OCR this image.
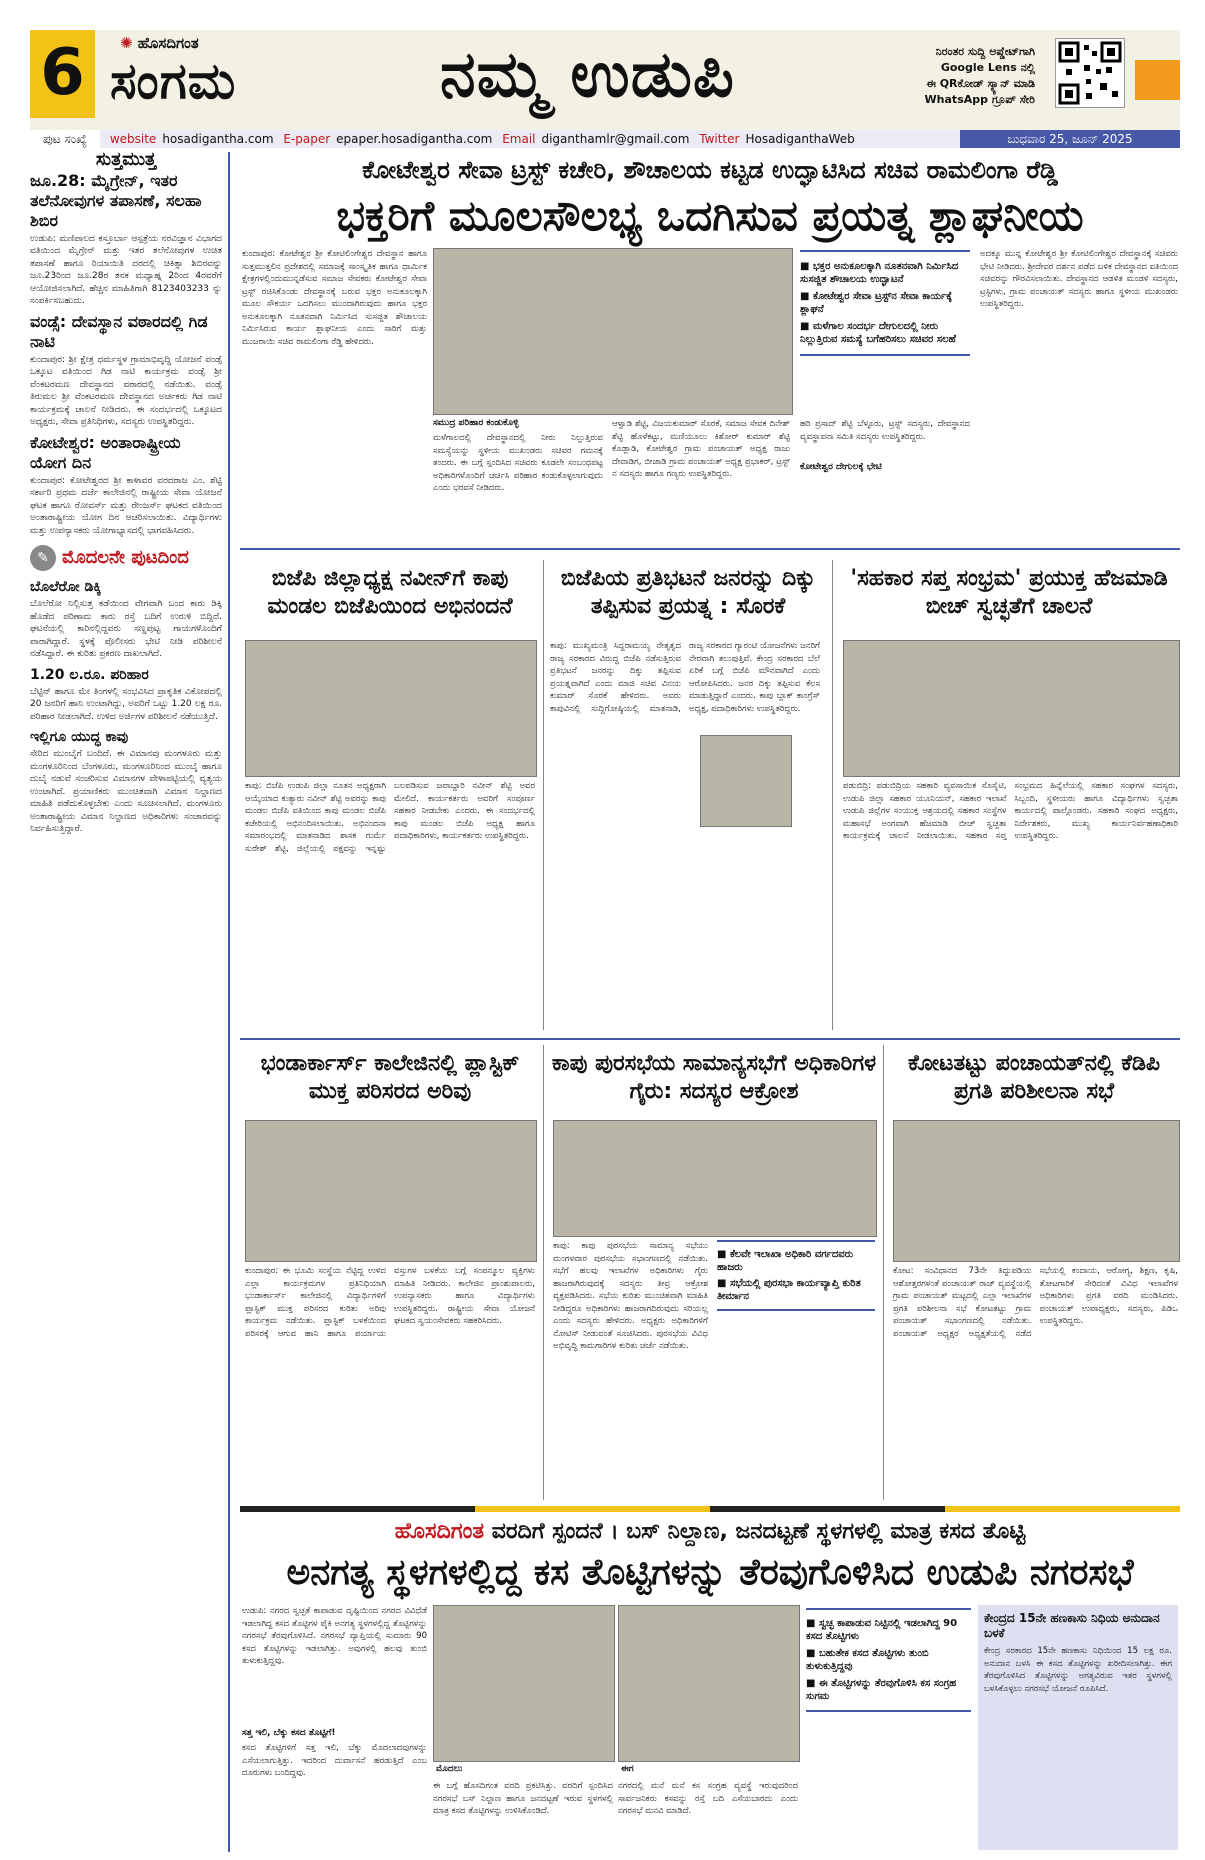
6	✺ ಹೊಸದಿಗಂತ
ಸಂಗಮ	ನಮ್ಮ ಉಡುಪಿ	ನಿರಂತರ ಸುದ್ದಿ ಅಪ್ಡೇಟ್‌ಗಾಗಿ
Google Lens ನಲ್ಲಿ
ಈ QRಕೋಡ್ ಸ್ಕ್ಯಾನ್ ಮಾಡಿ
WhatsApp ಗ್ರೂಪ್ ಸೇರಿ
ಪುಟ ಸಂಖ್ಯೆ website hosadigantha.com E-paper epaper.hosadigantha.com Email diganthamlr@gmail.com Twitter HosadiganthaWeb	ಬುಧವಾರ 25, ಜೂನ್ 2025
ಸುತ್ತಮುತ್ತ
ಜೂ.28: ಮೈಗ್ರೇನ್, ಇತರ ತಲೆನೋವುಗಳ ತಪಾಸಣೆ, ಸಲಹಾ ಶಿಬಿರ
ಉಡುಪಿ: ಮಣಿಪಾಲದ ಕಸ್ತೂರ್ಬಾ ಆಸ್ಪತ್ರೆಯ ನರವಿಜ್ಞಾನ ವಿಭಾಗದ ವತಿಯಿಂದ ಮೈಗ್ರೇನ್ ಮತ್ತು ಇತರ ತಲೆನೋವುಗಳ ಉಚಿತ ತಪಾಸಣೆ ಹಾಗೂ ರಿಯಾಯಿತಿ ದರದಲ್ಲಿ ಚಿಕಿತ್ಸಾ ಶಿಬಿರವನ್ನು ಜೂ.23ರಿಂದ ಜೂ.28ರ ತನಕ ಮಧ್ಯಾಹ್ನ 2ರಿಂದ 4ರವರೆಗೆ ಆಯೋಜಿಸಲಾಗಿದೆ. ಹೆಚ್ಚಿನ ಮಾಹಿತಿಗಾಗಿ 8123403233 ನ್ನು ಸಂಪರ್ಕಿಸಬಹುದು.
ವಂಡ್ಸೆ: ದೇವಸ್ಥಾನ ವಠಾರದಲ್ಲಿ ಗಿಡ ನಾಟಿ
ಕುಂದಾಪುರ: ಶ್ರೀ ಕ್ಷೇತ್ರ ಧರ್ಮಸ್ಥಳ ಗ್ರಾಮಾಭಿವೃದ್ಧಿ ಯೋಜನೆ ವಂಡ್ಸೆ ಒಕ್ಕೂಟ ವತಿಯಿಂದ ಗಿಡ ನಾಟಿ ಕಾರ್ಯಕ್ರಮ ವಂಡ್ಸೆ ಶ್ರೀ ವೆಂಕಟರಮಣ ದೇವಸ್ಥಾನದ ವಠಾರದಲ್ಲಿ ನಡೆಯಿತು. ವಂಡ್ಸೆ ತಿರುಮಲ ಶ್ರೀ ವೆಂಕಟರಮಣ ದೇವಸ್ಥಾನದ ಅರ್ಚಕರು ಗಿಡ ನಾಟಿ ಕಾರ್ಯಕ್ರಮಕ್ಕೆ ಚಾಲನೆ ನೀಡಿದರು. ಈ ಸಂದರ್ಭದಲ್ಲಿ ಒಕ್ಕೂಟದ ಅಧ್ಯಕ್ಷರು, ಸೇವಾ ಪ್ರತಿನಿಧಿಗಳು, ಸದಸ್ಯರು ಉಪಸ್ಥಿತರಿದ್ದರು.
ಕೋಟೇಶ್ವರ: ಅಂತಾರಾಷ್ಟ್ರೀಯ ಯೋಗ ದಿನ
ಕುಂದಾಪುರ: ಕೋಟೇಶ್ವರದ ಶ್ರೀ ಕಾಳಾವರ ವರದರಾಜ ಎಂ. ಶೆಟ್ಟಿ ಸರ್ಕಾರಿ ಪ್ರಥಮ ದರ್ಜೆ ಕಾಲೇಜಿನಲ್ಲಿ ರಾಷ್ಟ್ರೀಯ ಸೇವಾ ಯೋಜನೆ ಘಟಕ ಹಾಗೂ ರೋವರ್ಸ್ ಮತ್ತು ರೇಂಜರ್ಸ್ ಘಟಕದ ವತಿಯಿಂದ ಅಂತಾರಾಷ್ಟ್ರೀಯ ಯೋಗ ದಿನ ಆಚರಿಸಲಾಯಿತು. ವಿದ್ಯಾರ್ಥಿಗಳು ಮತ್ತು ಉಪನ್ಯಾಸಕರು ಯೋಗಾಭ್ಯಾಸದಲ್ಲಿ ಭಾಗವಹಿಸಿದರು.
✎ ಮೊದಲನೇ ಪುಟದಿಂದ
ಬೊಲೆರೋ ಡಿಕ್ಕಿ
ಬೊಲೆರೋ ನಿಲ್ಲಿಸುತ್ತ ಕಡೆಯಿಂದ ವೇಗವಾಗಿ ಬಂದ ಕಾರು ಡಿಕ್ಕಿ ಹೊಡೆದ ಪರಿಣಾಮ ಕಾರು ರಸ್ತೆ ಬದಿಗೆ ಉರುಳಿ ಬಿದ್ದಿದೆ. ಘಟನೆಯಲ್ಲಿ ಕಾರಿನಲ್ಲಿದ್ದವರು ಸಣ್ಣಪುಟ್ಟ ಗಾಯಗಳೊಂದಿಗೆ ಪಾರಾಗಿದ್ದಾರೆ. ಸ್ಥಳಕ್ಕೆ ಪೊಲೀಸರು ಭೇಟಿ ನೀಡಿ ಪರಿಶೀಲನೆ ನಡೆಸಿದ್ದಾರೆ. ಈ ಕುರಿತು ಪ್ರಕರಣ ದಾಖಲಾಗಿದೆ.
1.20 ಲ.ರೂ. ಪರಿಹಾರ
ಬೆಟ್ಟಿನ್ ಹಾಗೂ ಮೇ ತಿಂಗಳಲ್ಲಿ ಸಂಭವಿಸಿದ ಪ್ರಾಕೃತಿಕ ವಿಕೋಪದಲ್ಲಿ 20 ಜನರಿಗೆ ಹಾನಿ ಉಂಟಾಗಿದ್ದು, ಅವರಿಗೆ ಒಟ್ಟು 1.20 ಲಕ್ಷ ರೂ. ಪರಿಹಾರ ನೀಡಲಾಗಿದೆ. ಉಳಿದ ಅರ್ಜಿಗಳ ಪರಿಶೀಲನೆ ನಡೆಯುತ್ತಿದೆ.
ಇಲ್ಲಿಗೂ ಯುದ್ಧ ಕಾವು
ಸೇರಿದ ಮುಂಬೈಗೆ ಬಂದಿದೆ. ಈ ವಿಮಾನವು ಮಂಗಳೂರು ಮತ್ತು ಮಂಗಳೂರಿನಿಂದ ಬೆಂಗಳೂರು, ಮಂಗಳೂರಿನಿಂದ ಮುಂಬೈ ಹಾಗೂ ದುಬೈ ನಡುವೆ ಸಂಚರಿಸುವ ವಿಮಾನಗಳ ವೇಳಾಪಟ್ಟಿಯಲ್ಲಿ ವ್ಯತ್ಯಯ ಉಂಟಾಗಿದೆ. ಪ್ರಯಾಣಿಕರು ಮುಂಚಿತವಾಗಿ ವಿಮಾನ ನಿಲ್ದಾಣದ ಮಾಹಿತಿ ಪಡೆದುಕೊಳ್ಳಬೇಕು ಎಂದು ಸೂಚಿಸಲಾಗಿದೆ. ಮಂಗಳೂರು ಅಂತಾರಾಷ್ಟ್ರೀಯ ವಿಮಾನ ನಿಲ್ದಾಣದ ಅಧಿಕಾರಿಗಳು ಸಂಚಾರವನ್ನು ನಿರ್ವಹಿಸುತ್ತಿದ್ದಾರೆ.
ಕೋಟೇಶ್ವರ ಸೇವಾ ಟ್ರಸ್ಟ್ ಕಚೇರಿ, ಶೌಚಾಲಯ ಕಟ್ಟಡ ಉದ್ಘಾಟಿಸಿದ ಸಚಿವ ರಾಮಲಿಂಗಾ ರೆಡ್ಡಿ
ಭಕ್ತರಿಗೆ ಮೂಲಸೌಲಭ್ಯ ಒದಗಿಸುವ ಪ್ರಯತ್ನ ಶ್ಲಾಘನೀಯ
ಕುಂದಾಪುರ: ಕೋಟೇಶ್ವರ ಶ್ರೀ ಕೋಟಿಲಿಂಗೇಶ್ವರ ದೇವಸ್ಥಾನ ಹಾಗೂ ಸುತ್ತಮುತ್ತಲಿನ ಪ್ರದೇಶದಲ್ಲಿ ಸಮಾಜಕ್ಕೆ ಸಾಂಸ್ಕೃತಿಕ ಹಾಗೂ ಧಾರ್ಮಿಕ ಕ್ಷೇತ್ರಗಳಲ್ಲಿಂದುಮುನ್ನಡೆಸುವ ಸಮಾಜ ಸೇವಕರು ಕೋಟೇಶ್ವರ ಸೇವಾ ಟ್ರಸ್ಟ್ ರಚಿಸಿಕೊಂಡು ದೇವಸ್ಥಾನಕ್ಕೆ ಬರುವ ಭಕ್ತರ ಅನುಕೂಲಕ್ಕಾಗಿ ಮೂಲ ಸೌಕರ್ಯ ಒದಗಿಸಲು ಮುಂದಾಗಿರುವುದು ಹಾಗೂ ಭಕ್ತರ ಅನುಕೂಲಕ್ಕಾಗಿ ನೂತನವಾಗಿ ನಿರ್ಮಿಸಿದ ಸುಸಜ್ಜಿತ ಶೌಚಾಲಯ ನಿರ್ಮಿಸಿರುವ ಕಾರ್ಯ ಶ್ಲಾಘನೀಯ ಎಂದು ಸಾರಿಗೆ ಮತ್ತು ಮುಜರಾಯಿ ಸಚಿವ ರಾಮಲಿಂಗಾ ರೆಡ್ಡಿ ಹೇಳಿದರು.
ಸಮುದ್ರ ಪರಿಹಾರ ಕಂಡುಕೊಳ್ಳಿ
ಮಳೆಗಾಲದಲ್ಲಿ ದೇವಸ್ಥಾನದಲ್ಲಿ ನೀರು ನಿಲ್ಲುತ್ತಿರುವ ಸಮಸ್ಯೆಯನ್ನು ಸ್ಥಳೀಯ ಮುಖಂಡರು ಸಚಿವರ ಗಮನಕ್ಕೆ ತಂದರು. ಈ ಬಗ್ಗೆ ಸ್ಪಂದಿಸಿದ ಸಚಿವರು ಕೂಡಲೇ ಸಂಬಂಧಪಟ್ಟ ಅಧಿಕಾರಿಗಳೊಂದಿಗೆ ಚರ್ಚಿಸಿ ಪರಿಹಾರ ಕಂಡುಕೊಳ್ಳಲಾಗುವುದು ಎಂದು ಭರವಸೆ ನೀಡಿದರು.
ಆಳ್ವಾಡಿ ಶೆಟ್ಟಿ, ವಿಜಯಕುಮಾರ್ ಸೊರಕೆ, ಸಮಾಜ ಸೇವಕ ದಿನೇಶ್ ಶೆಟ್ಟಿ ಹೊಳೆಕಟ್ಟು, ಮಣಿಯೂಲು ಕಿಶೋರ್ ಕುಮಾರ್ ಶೆಟ್ಟಿ ಕೊಡ್ಲಾಡಿ, ಕೋಟೇಶ್ವರ ಗ್ರಾಮ ಪಂಚಾಯತ್ ಅಧ್ಯಕ್ಷ ರಾಜು ದೇವಾಡಿಗ, ಬೀಜಾಡಿ ಗ್ರಾಮ ಪಂಚಾಯತ್ ಅಧ್ಯಕ್ಷ ಪ್ರಭಾಕರ್, ಟ್ರಸ್ಟ್ ನ ಸದಸ್ಯರು ಹಾಗೂ ಗಣ್ಯರು ಉಪಸ್ಥಿತರಿದ್ದರು.
■ ಭಕ್ತರ ಅನುಕೂಲಕ್ಕಾಗಿ ನೂತನವಾಗಿ ನಿರ್ಮಿಸಿದ ಸುಸಜ್ಜಿತ ಶೌಚಾಲಯ ಉದ್ಘಾಟನೆ
■ ಕೋಟೇಶ್ವರ ಸೇವಾ ಟ್ರಸ್ಟ್‌ನ ಸೇವಾ ಕಾರ್ಯಕ್ಕೆ ಶ್ಲಾಘನೆ
■ ಮಳೆಗಾಲ ಸಂದರ್ಭ ದೇಗುಲದಲ್ಲಿ ನೀರು ನಿಲ್ಲುತ್ತಿರುವ ಸಮಸ್ಯೆ ಬಗೆಹರಿಸಲು ಸಚಿವರ ಸಲಹೆ
ಹರಿ ಪ್ರಸಾದ್ ಶೆಟ್ಟಿ ಬೆಳ್ಳೂರು, ಟ್ರಸ್ಟ್ ಸದಸ್ಯರು, ದೇವಸ್ಥಾನದ ವ್ಯವಸ್ಥಾಪನಾ ಸಮಿತಿ ಸದಸ್ಯರು ಉಪಸ್ಥಿತರಿದ್ದರು.
ಕೋಟೇಶ್ವರ ದೇಗುಲಕ್ಕೆ ಭೇಟಿ
ಅದಕ್ಕೂ ಮುನ್ನ ಕೋಟೇಶ್ವರ ಶ್ರೀ ಕೋಟಿಲಿಂಗೇಶ್ವರ ದೇವಸ್ಥಾನಕ್ಕೆ ಸಚಿವರು ಭೇಟಿ ನೀಡಿದರು. ಶ್ರೀದೇವರ ದರ್ಶನ ಪಡೆದ ಬಳಿಕ ದೇವಸ್ಥಾನದ ವತಿಯಿಂದ ಸಚಿವರನ್ನು ಗೌರವಿಸಲಾಯಿತು. ದೇವಸ್ಥಾನದ ಆಡಳಿತ ಮಂಡಳಿ ಸದಸ್ಯರು, ಟ್ರಸ್ಟಿಗಳು, ಗ್ರಾಮ ಪಂಚಾಯತ್ ಸದಸ್ಯರು ಹಾಗೂ ಸ್ಥಳೀಯ ಮುಖಂಡರು ಉಪಸ್ಥಿತರಿದ್ದರು.
ಬಿಜೆಪಿ ಜಿಲ್ಲಾಧ್ಯಕ್ಷ ನವೀನ್‌ಗೆ ಕಾಪು ಮಂಡಲ ಬಿಜೆಪಿಯಿಂದ ಅಭಿನಂದನೆ
ಕಾಪು: ಬಿಜೆಪಿ ಉಡುಪಿ ಜಿಲ್ಲಾ ನೂತನ ಅಧ್ಯಕ್ಷರಾಗಿ ಆಯ್ಕೆಯಾದ ಕುತ್ಯಾರು ನವೀನ್ ಶೆಟ್ಟಿ ಅವರನ್ನು ಕಾಪು ಮಂಡಲ ಬಿಜೆಪಿ ವತಿಯಿಂದ ಕಾಪು ಮಂಡಲ ಬಿಜೆಪಿ ಕಚೇರಿಯಲ್ಲಿ ಅಭಿನಂದಿಸಲಾಯಿತು. ಅಭಿನಂದನಾ ಸಮಾರಂಭದಲ್ಲಿ ಮಾತನಾಡಿದ ಶಾಸಕ ಗುರ್ಮೆ ಸುರೇಶ್ ಶೆಟ್ಟಿ, ಜಿಲ್ಲೆಯಲ್ಲಿ ಪಕ್ಷವನ್ನು ಇನ್ನಷ್ಟು ಬಲಪಡಿಸುವ ಜವಾಬ್ದಾರಿ ನವೀನ್ ಶೆಟ್ಟಿ ಅವರ ಮೇಲಿದೆ. ಕಾರ್ಯಕರ್ತರು ಅವರಿಗೆ ಸಂಪೂರ್ಣ ಸಹಕಾರ ನೀಡಬೇಕು ಎಂದರು. ಈ ಸಂದರ್ಭದಲ್ಲಿ ಕಾಪು ಮಂಡಲ ಬಿಜೆಪಿ ಅಧ್ಯಕ್ಷ ಹಾಗೂ ಪದಾಧಿಕಾರಿಗಳು, ಕಾರ್ಯಕರ್ತರು ಉಪಸ್ಥಿತರಿದ್ದರು.
ಬಿಜೆಪಿಯ ಪ್ರತಿಭಟನೆ ಜನರನ್ನು ದಿಕ್ಕು ತಪ್ಪಿಸುವ ಪ್ರಯತ್ನ : ಸೊರಕೆ
ಕಾಪು: ಮುಖ್ಯಮಂತ್ರಿ ಸಿದ್ದರಾಮಯ್ಯ ನೇತೃತ್ವದ ರಾಜ್ಯ ಸರಕಾರದ ವಿರುದ್ಧ ಬಿಜೆಪಿ ನಡೆಸುತ್ತಿರುವ ಪ್ರತಿಭಟನೆ ಜನರನ್ನು ದಿಕ್ಕು ತಪ್ಪಿಸುವ ಪ್ರಯತ್ನವಾಗಿದೆ ಎಂದು ಮಾಜಿ ಸಚಿವ ವಿನಯ ಕುಮಾರ್ ಸೊರಕೆ ಹೇಳಿದರು. ಅವರು ಕಾಪುವಿನಲ್ಲಿ ಸುದ್ದಿಗೋಷ್ಠಿಯಲ್ಲಿ ಮಾತನಾಡಿ, ರಾಜ್ಯ ಸರಕಾರದ ಗ್ಯಾರಂಟಿ ಯೋಜನೆಗಳು ಜನರಿಗೆ ನೇರವಾಗಿ ತಲುಪುತ್ತಿವೆ. ಕೇಂದ್ರ ಸರಕಾರದ ಬೆಲೆ ಏರಿಕೆ ಬಗ್ಗೆ ಬಿಜೆಪಿ ಮೌನವಾಗಿದೆ ಎಂದು ಆರೋಪಿಸಿದರು. ಜನರ ದಿಕ್ಕು ತಪ್ಪಿಸುವ ಕೆಲಸ ಮಾಡುತ್ತಿದ್ದಾರೆ ಎಂದರು. ಕಾಪು ಬ್ಲಾಕ್ ಕಾಂಗ್ರೆಸ್ ಅಧ್ಯಕ್ಷ, ಪದಾಧಿಕಾರಿಗಳು ಉಪಸ್ಥಿತರಿದ್ದರು.
'ಸಹಕಾರ ಸಪ್ತ ಸಂಭ್ರಮ' ಪ್ರಯುಕ್ತ ಹೆಜಮಾಡಿ ಬೀಚ್ ಸ್ವಚ್ಛತೆಗೆ ಚಾಲನೆ
ಪಡುಬಿದ್ರಿ: ಪಡುಬಿದ್ರಿಯ ಸಹಕಾರಿ ವ್ಯವಸಾಯಿಕ ಸೊಸೈಟಿ, ಉಡುಪಿ ಜಿಲ್ಲಾ ಸಹಕಾರ ಯೂನಿಯನ್, ಸಹಕಾರ ಇಲಾಖೆ ಉಡುಪಿ ಜಿಲ್ಲೆಗಳ ಸಂಯುಕ್ತ ಆಶ್ರಯದಲ್ಲಿ ಸಹಕಾರ ಸಂಸ್ಥೆಗಳ ಮಹಾಸಭೆ ಅಂಗವಾಗಿ ಹೆಜಮಾಡಿ ಬೀಚ್ ಸ್ವಚ್ಛತಾ ಕಾರ್ಯಕ್ರಮಕ್ಕೆ ಚಾಲನೆ ನೀಡಲಾಯಿತು. ಸಹಕಾರ ಸಪ್ತ ಸಂಭ್ರಮದ ಹಿನ್ನೆಲೆಯಲ್ಲಿ ಸಹಕಾರ ಸಂಘಗಳ ಸದಸ್ಯರು, ಸಿಬ್ಬಂದಿ, ಸ್ಥಳೀಯರು ಹಾಗೂ ವಿದ್ಯಾರ್ಥಿಗಳು ಸ್ವಚ್ಛತಾ ಕಾರ್ಯದಲ್ಲಿ ಪಾಲ್ಗೊಂಡರು. ಸಹಕಾರಿ ಸಂಘದ ಅಧ್ಯಕ್ಷರು, ನಿರ್ದೇಶಕರು, ಮುಖ್ಯ ಕಾರ್ಯನಿರ್ವಹಣಾಧಿಕಾರಿ ಉಪಸ್ಥಿತರಿದ್ದರು.
ಭಂಡಾರ್ಕಾರ್ಸ್ ಕಾಲೇಜಿನಲ್ಲಿ ಪ್ಲಾಸ್ಟಿಕ್ ಮುಕ್ತ ಪರಿಸರದ ಅರಿವು
ಕುಂದಾಪುರ: ಈ ಭೂಮಿ ಸಂಸ್ಥೆಯ ನೆಟ್ಟಿದ್ದ ಉಳಿದ ಎಲ್ಲಾ ಕಾರ್ಯಕ್ರಮಗಳ ಪ್ರತಿನಿಧಿಯಾಗಿ ಭಂಡಾರ್ಕಾರ್ಸ್ ಕಾಲೇಜಿನಲ್ಲಿ ವಿದ್ಯಾರ್ಥಿಗಳಿಗೆ ಪ್ಲಾಸ್ಟಿಕ್ ಮುಕ್ತ ಪರಿಸರದ ಕುರಿತು ಅರಿವು ಕಾರ್ಯಕ್ರಮ ನಡೆಯಿತು. ಪ್ಲಾಸ್ಟಿಕ್ ಬಳಕೆಯಿಂದ ಪರಿಸರಕ್ಕೆ ಆಗುವ ಹಾನಿ ಹಾಗೂ ಪರ್ಯಾಯ ವಸ್ತುಗಳ ಬಳಕೆಯ ಬಗ್ಗೆ ಸಂಪನ್ಮೂಲ ವ್ಯಕ್ತಿಗಳು ಮಾಹಿತಿ ನೀಡಿದರು. ಕಾಲೇಜಿನ ಪ್ರಾಂಶುಪಾಲರು, ಉಪನ್ಯಾಸಕರು ಹಾಗೂ ವಿದ್ಯಾರ್ಥಿಗಳು ಉಪಸ್ಥಿತರಿದ್ದರು. ರಾಷ್ಟ್ರೀಯ ಸೇವಾ ಯೋಜನೆ ಘಟಕದ ಸ್ವಯಂಸೇವಕರು ಸಹಕರಿಸಿದರು.
ಕಾಪು ಪುರಸಭೆಯ ಸಾಮಾನ್ಯಸಭೆಗೆ ಅಧಿಕಾರಿಗಳ ಗೈರು: ಸದಸ್ಯರ ಆಕ್ರೋಶ
■ ಕೆಲವೇ ಇಲಾಖಾ ಅಧಿಕಾರಿ ವರ್ಗದವರು ಹಾಜರು
■ ಸಭೆಯಲ್ಲಿ ಪುರಸಭಾ ಕಾರ್ಯವ್ಯಾಪ್ತಿ ಕುರಿತ ತೀರ್ಮಾನ
ಕಾಪು: ಕಾಪು ಪುರಸಭೆಯ ಸಾಮಾನ್ಯ ಸಭೆಯು ಮಂಗಳವಾರ ಪುರಸಭೆಯ ಸಭಾಂಗಣದಲ್ಲಿ ನಡೆಯಿತು. ಸಭೆಗೆ ಹಲವು ಇಲಾಖೆಗಳ ಅಧಿಕಾರಿಗಳು ಗೈರು ಹಾಜರಾಗಿರುವುದಕ್ಕೆ ಸದಸ್ಯರು ತೀವ್ರ ಆಕ್ರೋಶ ವ್ಯಕ್ತಪಡಿಸಿದರು. ಸಭೆಯ ಕುರಿತು ಮುಂಚಿತವಾಗಿ ಮಾಹಿತಿ ನೀಡಿದ್ದರೂ ಅಧಿಕಾರಿಗಳು ಹಾಜರಾಗದಿರುವುದು ಸರಿಯಲ್ಲ ಎಂದು ಸದಸ್ಯರು ಹೇಳಿದರು. ಅಧ್ಯಕ್ಷರು ಅಧಿಕಾರಿಗಳಿಗೆ ನೋಟಿಸ್ ನೀಡುವಂತೆ ಸೂಚಿಸಿದರು. ಪುರಸಭೆಯ ವಿವಿಧ ಅಭಿವೃದ್ಧಿ ಕಾಮಗಾರಿಗಳ ಕುರಿತು ಚರ್ಚೆ ನಡೆಯಿತು.
ಕೋಟತಟ್ಟು ಪಂಚಾಯತ್‌ನಲ್ಲಿ ಕೆಡಿಪಿ ಪ್ರಗತಿ ಪರಿಶೀಲನಾ ಸಭೆ
ಕೋಟ: ಸಂವಿಧಾನದ 73ನೇ ತಿದ್ದುಪಡಿಯ ಆಶೋತ್ತರಗಳಂತೆ ಪಂಚಾಯತ್ ರಾಜ್ ವ್ಯವಸ್ಥೆಯಲ್ಲಿ ಗ್ರಾಮ ಪಂಚಾಯತ್ ಮಟ್ಟದಲ್ಲಿ ಎಲ್ಲಾ ಇಲಾಖೆಗಳ ಪ್ರಗತಿ ಪರಿಶೀಲನಾ ಸಭೆ ಕೋಟತಟ್ಟು ಗ್ರಾಮ ಪಂಚಾಯತ್ ಸಭಾಂಗಣದಲ್ಲಿ ನಡೆಯಿತು. ಪಂಚಾಯತ್ ಅಧ್ಯಕ್ಷರ ಅಧ್ಯಕ್ಷತೆಯಲ್ಲಿ ನಡೆದ ಸಭೆಯಲ್ಲಿ ಕಂದಾಯ, ಆರೋಗ್ಯ, ಶಿಕ್ಷಣ, ಕೃಷಿ, ತೋಟಗಾರಿಕೆ ಸೇರಿದಂತೆ ವಿವಿಧ ಇಲಾಖೆಗಳ ಅಧಿಕಾರಿಗಳು ಪ್ರಗತಿ ವರದಿ ಮಂಡಿಸಿದರು. ಪಂಚಾಯತ್ ಉಪಾಧ್ಯಕ್ಷರು, ಸದಸ್ಯರು, ಪಿಡಿಒ ಉಪಸ್ಥಿತರಿದ್ದರು.
ಹೊಸದಿಗಂತ ವರದಿಗೆ ಸ್ಪಂದನೆ । ಬಸ್ ನಿಲ್ದಾಣ, ಜನದಟ್ಟಣೆ ಸ್ಥಳಗಳಲ್ಲಿ ಮಾತ್ರ ಕಸದ ತೊಟ್ಟಿ
ಅನಗತ್ಯ ಸ್ಥಳಗಳಲ್ಲಿದ್ದ ಕಸ ತೊಟ್ಟಿಗಳನ್ನು ತೆರವುಗೊಳಿಸಿದ ಉಡುಪಿ ನಗರಸಭೆ
ಉಡುಪಿ: ನಗರದ ಸ್ವಚ್ಛತೆ ಕಾಪಾಡುವ ದೃಷ್ಟಿಯಿಂದ ನಗರದ ವಿವಿಧೆಡೆ ಇಡಲಾಗಿದ್ದ ಕಸದ ತೊಟ್ಟಿಗಳ ಪೈಕಿ ಅನಗತ್ಯ ಸ್ಥಳಗಳಲ್ಲಿದ್ದ ತೊಟ್ಟಿಗಳನ್ನು ನಗರಸಭೆ ತೆರವುಗೊಳಿಸಿದೆ. ನಗರಸಭೆ ವ್ಯಾಪ್ತಿಯಲ್ಲಿ ಸುಮಾರು 90 ಕಸದ ತೊಟ್ಟಿಗಳನ್ನು ಇಡಲಾಗಿತ್ತು. ಅವುಗಳಲ್ಲಿ ಹಲವು ತುಂಬಿ ತುಳುಕುತ್ತಿದ್ದವು.
ಸತ್ತ ಇಲಿ, ಬೆಕ್ಕು ಕಸದ ತೊಟ್ಟಿಗೆ!
ಕಸದ ತೊಟ್ಟಿಗಳಿಗೆ ಸತ್ತ ಇಲಿ, ಬೆಕ್ಕು ಮೊದಲಾದವುಗಳನ್ನು ಎಸೆಯಲಾಗುತ್ತಿತ್ತು. ಇದರಿಂದ ದುರ್ವಾಸನೆ ಹರಡುತ್ತಿದೆ ಎಂಬ ದೂರುಗಳು ಬಂದಿದ್ದವು.	ಮೊದಲು	ಈಗ
ಈ ಬಗ್ಗೆ ಹೊಸದಿಗಂತ ವರದಿ ಪ್ರಕಟಿಸಿತ್ತು. ವರದಿಗೆ ಸ್ಪಂದಿಸಿದ ನಗರಸಭೆ ಬಸ್ ನಿಲ್ದಾಣ ಹಾಗೂ ಜನದಟ್ಟಣೆ ಇರುವ ಸ್ಥಳಗಳಲ್ಲಿ ಮಾತ್ರ ಕಸದ ತೊಟ್ಟಿಗಳನ್ನು ಉಳಿಸಿಕೊಂಡಿದೆ.
ನಗರದಲ್ಲಿ ಮನೆ ಮನೆ ಕಸ ಸಂಗ್ರಹ ವ್ಯವಸ್ಥೆ ಇರುವುದರಿಂದ ಸಾರ್ವಜನಿಕರು ಕಸವನ್ನು ರಸ್ತೆ ಬದಿ ಎಸೆಯಬಾರದು ಎಂದು ನಗರಸಭೆ ಮನವಿ ಮಾಡಿದೆ.
■ ಸ್ವಚ್ಛ ಕಾಪಾಡುವ ನಿಟ್ಟಿನಲ್ಲಿ ಇಡಲಾಗಿದ್ದ 90 ಕಸದ ತೊಟ್ಟಿಗಳು
■ ಬಹುತೇಕ ಕಸದ ತೊಟ್ಟಿಗಳು ತುಂಬಿ ತುಳುಕುತ್ತಿದ್ದವು
■ ಈ ತೊಟ್ಟಿಗಳನ್ನು ತೆರವುಗೊಳಿಸಿ ಕಸ ಸಂಗ್ರಹ ಸುಗಮ
ಕೇಂದ್ರದ 15ನೇ ಹಣಕಾಸು ನಿಧಿಯ ಅನುದಾನ ಬಳಕೆ
ಕೇಂದ್ರ ಸರಕಾರದ 15ನೇ ಹಣಕಾಸು ನಿಧಿಯಿಂದ 15 ಲಕ್ಷ ರೂ. ಅನುದಾನ ಬಳಸಿ ಈ ಕಸದ ತೊಟ್ಟಿಗಳನ್ನು ಖರೀದಿಸಲಾಗಿತ್ತು. ಈಗ ತೆರವುಗೊಳಿಸಿದ ತೊಟ್ಟಿಗಳನ್ನು ಅಗತ್ಯವಿರುವ ಇತರ ಸ್ಥಳಗಳಲ್ಲಿ ಬಳಸಿಕೊಳ್ಳಲು ನಗರಸಭೆ ಯೋಜನೆ ರೂಪಿಸಿದೆ.
